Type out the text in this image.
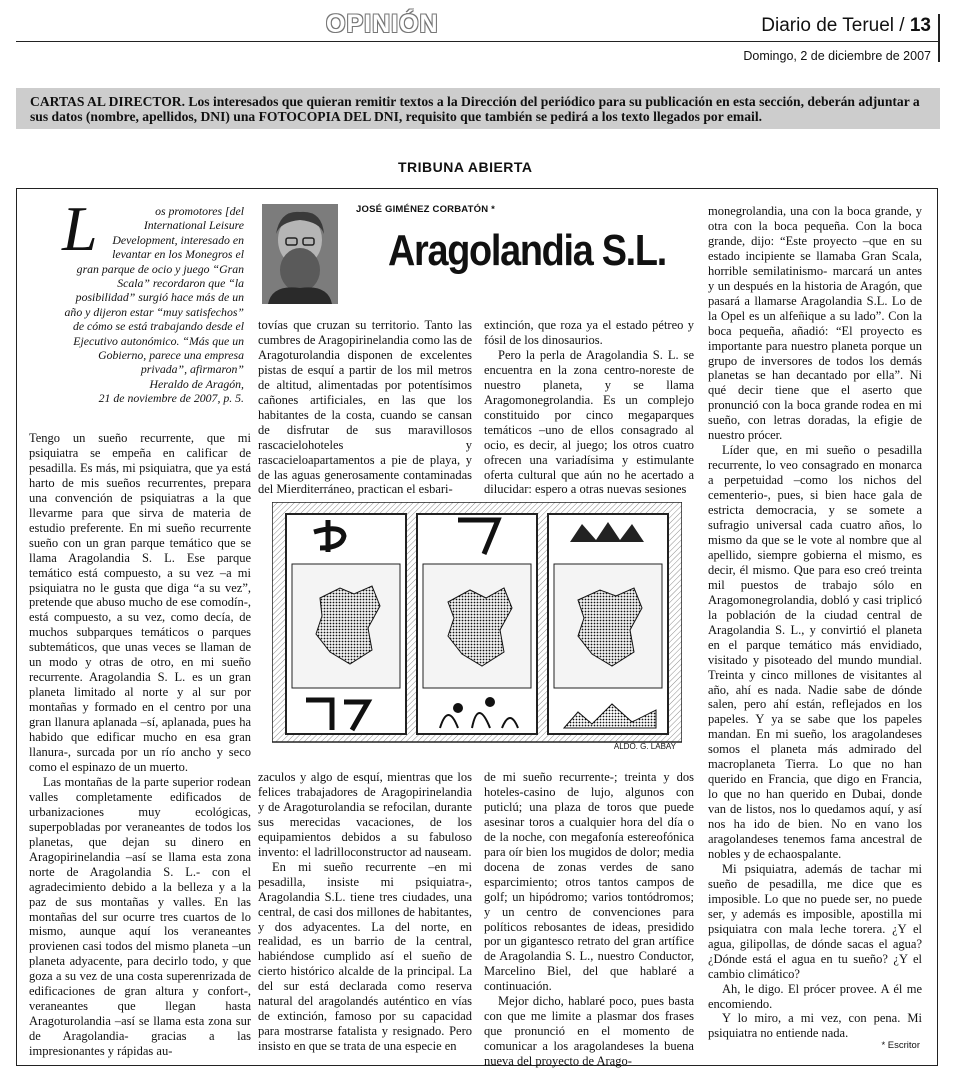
OPINIÓN	Diario de Teruel / 13
Domingo, 2 de diciembre de 2007

CARTAS AL DIRECTOR. Los interesados que quieran remitir textos a la Dirección del periódico para su publicación en esta sección, deberán adjuntar a sus datos (nombre, apellidos, DNI) una FOTOCOPIA DEL DNI, requisito que también se pedirá a los texto llegados por email.

TRIBUNA ABIERTA
L	os promotores [del International Leisure Development, interesado en levantar en los Monegros el gran parque de ocio y juego “Gran Scala” recordaron que “la posibilidad” surgió hace más de un año y dijeron estar “muy satisfechos” de cómo se está trabajando desde el Ejecutivo autonómico. “Más que un Gobierno, parece una empresa privada”, afirmaron”
Heraldo de Aragón,
21 de noviembre de 2007, p. 5.
JOSÉ GIMÉNEZ CORBATÓN *
Aragolandia S.L.

Tengo un sueño recurrente, que mi psiquiatra se empeña en calificar de pesadilla. Es más, mi psiquiatra, que ya está harto de mis sueños recurrentes, prepara una convención de psiquiatras a la que llevarme para que sirva de materia de estudio preferente. En mi sueño recurrente sueño con un gran parque temático que se llama Aragolandia S. L. Ese parque temático está compuesto, a su vez –a mi psiquiatra no le gusta que diga “a su vez”, pretende que abuso mucho de ese comodín-, está compuesto, a su vez, como decía, de muchos subparques temáticos o parques subtemáticos, que unas veces se llaman de un modo y otras de otro, en mi sueño recurrente. Aragolandia S. L. es un gran planeta limitado al norte y al sur por montañas y formado en el centro por una gran llanura aplanada –sí, aplanada, pues ha habido que edificar mucho en esa gran llanura-, surcada por un río ancho y seco como el espinazo de un muerto.

Las montañas de la parte superior rodean valles completamente edificados de urbanizaciones muy ecológicas, superpobladas por veraneantes de todos los planetas, que dejan su dinero en Aragopirinelandia –así se llama esta zona norte de Aragolandia S. L.- con el agradecimiento debido a la belleza y a la paz de sus montañas y valles. En las montañas del sur ocurre tres cuartos de lo mismo, aunque aquí los veraneantes provienen casi todos del mismo planeta –un planeta adyacente, para decirlo todo, y que goza a su vez de una costa superenrizada de edificaciones de gran altura y confort-, veraneantes que llegan hasta Aragoturolandia –así se llama esta zona sur de Aragolandia- gracias a las impresionantes y rápidas au-

tovías que cruzan su territorio. Tanto las cumbres de Aragopirinelandia como las de Aragoturolandia disponen de excelentes pistas de esquí a partir de los mil metros de altitud, alimentadas por potentísimos cañones artificiales, en las que los habitantes de la costa, cuando se cansan de disfrutar de sus maravillosos rascacielohoteles y rascacieloapartamentos a pie de playa, y de las aguas generosamente contaminadas del Mierditerráneo, practican el esbari-

extinción, que roza ya el estado pétreo y fósil de los dinosaurios.

Pero la perla de Aragolandia S. L. se encuentra en la zona centro-noreste de nuestro planeta, y se llama Aragomonegrolandia. Es un complejo constituido por cinco megaparques temáticos –uno de ellos consagrado al ocio, es decir, al juego; los otros cuatro ofrecen una variadísima y estimulante oferta cultural que aún no he acertado a dilucidar: espero a otras nuevas sesiones

ALDO. G. LABAY

zaculos y algo de esquí, mientras que los felices trabajadores de Aragopirinelandia y de Aragoturolandia se refocilan, durante sus merecidas vacaciones, de los equipamientos debidos a su fabuloso invento: el ladrilloconstructor ad nauseam.

En mi sueño recurrente –en mi pesadilla, insiste mi psiquiatra-, Aragolandia S.L. tiene tres ciudades, una central, de casi dos millones de habitantes, y dos adyacentes. La del norte, en realidad, es un barrio de la central, habiéndose cumplido así el sueño de cierto histórico alcalde de la principal. La del sur está declarada como reserva natural del aragolandés auténtico en vías de extinción, famoso por su capacidad para mostrarse fatalista y resignado. Pero insisto en que se trata de una especie en

de mi sueño recurrente-; treinta y dos hoteles-casino de lujo, algunos con puticlú; una plaza de toros que puede asesinar toros a cualquier hora del día o de la noche, con megafonía estereofónica para oír bien los mugidos de dolor; media docena de zonas verdes de sano esparcimiento; otros tantos campos de golf; un hipódromo; varios tontódromos; y un centro de convenciones para políticos rebosantes de ideas, presidido por un gigantesco retrato del gran artífice de Aragolandia S. L., nuestro Conductor, Marcelino Biel, del que hablaré a continuación.

Mejor dicho, hablaré poco, pues basta con que me limite a plasmar dos frases que pronunció en el momento de comunicar a los aragolandeses la buena nueva del proyecto de Arago-

monegrolandia, una con la boca grande, y otra con la boca pequeña. Con la boca grande, dijo: “Este proyecto –que en su estado incipiente se llamaba Gran Scala, horrible semilatinismo- marcará un antes y un después en la historia de Aragón, que pasará a llamarse Aragolandia S.L. Lo de la Opel es un alfeñique a su lado”. Con la boca pequeña, añadió: “El proyecto es importante para nuestro planeta porque un grupo de inversores de todos los demás planetas se han decantado por ella”. Ni qué decir tiene que el aserto que pronunció con la boca grande rodea en mi sueño, con letras doradas, la efigie de nuestro prócer.

Líder que, en mi sueño o pesadilla recurrente, lo veo consagrado en monarca a perpetuidad –como los nichos del cementerio-, pues, si bien hace gala de estricta democracia, y se somete a sufragio universal cada cuatro años, lo mismo da que se le vote al nombre que al apellido, siempre gobierna el mismo, es decir, él mismo. Que para eso creó treinta mil puestos de trabajo sólo en Aragomonegrolandia, dobló y casi triplicó la población de la ciudad central de Aragolandia S. L., y convirtió el planeta en el parque temático más envidiado, visitado y pisoteado del mundo mundial. Treinta y cinco millones de visitantes al año, ahí es nada. Nadie sabe de dónde salen, pero ahí están, reflejados en los papeles. Y ya se sabe que los papeles mandan. En mi sueño, los aragolandeses somos el planeta más admirado del macroplaneta Tierra. Lo que no han querido en Francia, que digo en Francia, lo que no han querido en Dubai, donde van de listos, nos lo quedamos aquí, y así nos ha ido de bien. No en vano los aragolandeses tenemos fama ancestral de nobles y de echaospalante.

Mi psiquiatra, además de tachar mi sueño de pesadilla, me dice que es imposible. Lo que no puede ser, no puede ser, y además es imposible, apostilla mi psiquiatra con mala leche torera. ¿Y el agua, gilipollas, de dónde sacas el agua? ¿Dónde está el agua en tu sueño? ¿Y el cambio climático?

Ah, le digo. El prócer provee. A él me encomiendo.

Y lo miro, a mi vez, con pena. Mi psiquiatra no entiende nada.

* Escritor
